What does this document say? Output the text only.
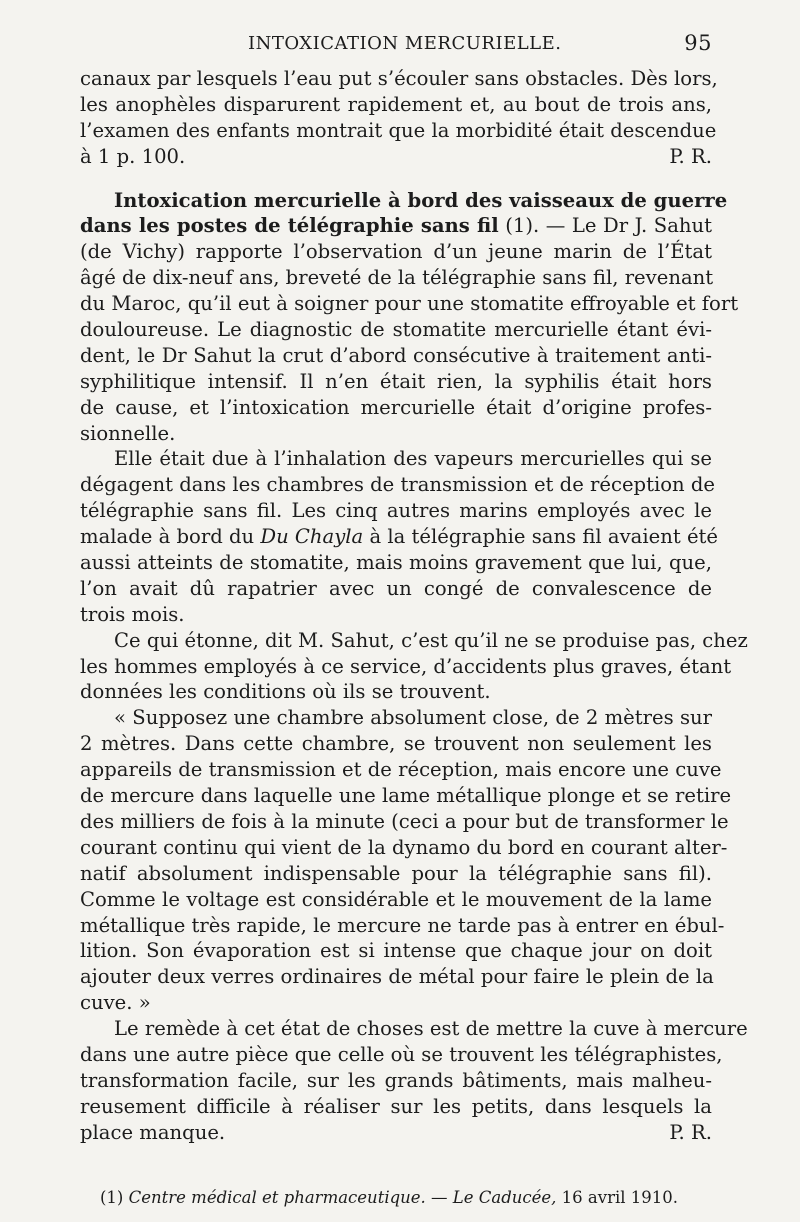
INTOXICATION MERCURIELLE.	95

canaux par lesquels l’eau put s’écouler sans obstacles. Dès lors,
les anophèles disparurent rapidement et, au bout de trois ans,
l’examen des enfants montrait que la morbidité était descendue
à 1 p. 100.	P. R.

Intoxication mercurielle à bord des vaisseaux de guerre
dans les postes de télégraphie sans fil (1). — Le Dr J. Sahut
(de Vichy) rapporte l’observation d’un jeune marin de l’État
âgé de dix-neuf ans, breveté de la télégraphie sans fil, revenant
du Maroc, qu’il eut à soigner pour une stomatite effroyable et fort
douloureuse. Le diagnostic de stomatite mercurielle étant évi-
dent, le Dr Sahut la crut d’abord consécutive à traitement anti-
syphilitique intensif. Il n’en était rien, la syphilis était hors
de cause, et l’intoxication mercurielle était d’origine profes-
sionnelle.

Elle était due à l’inhalation des vapeurs mercurielles qui se
dégagent dans les chambres de transmission et de réception de
télégraphie sans fil. Les cinq autres marins employés avec le
malade à bord du Du Chayla à la télégraphie sans fil avaient été
aussi atteints de stomatite, mais moins gravement que lui, que,
l’on avait dû rapatrier avec un congé de convalescence de
trois mois.

Ce qui étonne, dit M. Sahut, c’est qu’il ne se produise pas, chez
les hommes employés à ce service, d’accidents plus graves, étant
données les conditions où ils se trouvent.

« Supposez une chambre absolument close, de 2 mètres sur
2 mètres. Dans cette chambre, se trouvent non seulement les
appareils de transmission et de réception, mais encore une cuve
de mercure dans laquelle une lame métallique plonge et se retire
des milliers de fois à la minute (ceci a pour but de transformer le
courant continu qui vient de la dynamo du bord en courant alter-
natif absolument indispensable pour la télégraphie sans fil).
Comme le voltage est considérable et le mouvement de la lame
métallique très rapide, le mercure ne tarde pas à entrer en ébul-
lition. Son évaporation est si intense que chaque jour on doit
ajouter deux verres ordinaires de métal pour faire le plein de la
cuve. »

Le remède à cet état de choses est de mettre la cuve à mercure
dans une autre pièce que celle où se trouvent les télégraphistes,
transformation facile, sur les grands bâtiments, mais malheu-
reusement difficile à réaliser sur les petits, dans lesquels la
place manque.	P. R.

(1) Centre médical et pharmaceutique. — Le Caducée, 16 avril 1910.
